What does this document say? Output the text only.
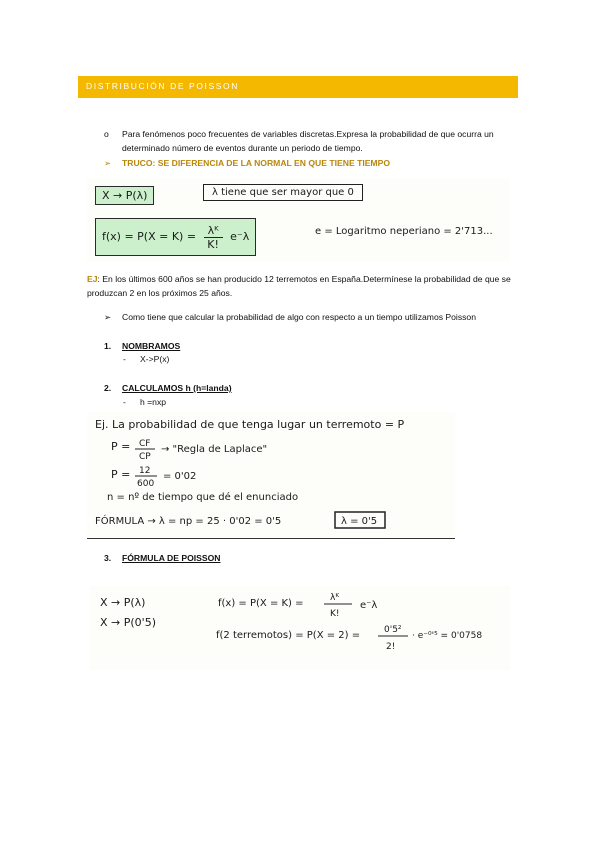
DISTRIBUCIÓN DE POISSON
o Para fenómenos poco frecuentes de variables discretas.Expresa la probabilidad de que ocurra un determinado número de eventos durante un periodo de tiempo.
➢ TRUCO: SE DIFERENCIA DE LA NORMAL EN QUE TIENE TIEMPO
X → P(λ)	λ tiene que ser mayor que 0
$f(x) = P(X = K) = \frac{\text{λᴷ}}{K!} e^-\lambda$	e = Logaritmo neperiano = 2'713...
EJ: En los últimos 600 años se han producido 12 terremotos en España.Determínese la probabilidad de que se produzcan 2 en los próximos 25 años.
➢ Como tiene que calcular la probabilidad de algo con respecto a un tiempo utilizamos Poisson
1. NOMBRAMOS
- X->P(x)
2. CALCULAMOS h (h=landa)
- h =nxp
Ej. La probabilidad de que tenga lugar un terremoto = P
P = CF
CP
→ "Regla de Laplace"
P = 12
600
= 0'02
n = nº de tiempo que dé el enunciado
FÓRMULA → λ = np = 25 · 0'02 = 0'5	λ = 0'5
3. FÓRMULA DE POISSON
X → P(λ)
X → P(0'5)
f(x) = P(X = K) =	λᴷ
K!
e⁻λ
f(2 terremotos) = P(X = 2) =	0'5²
2!
· e⁻⁰'⁵ = 0'0758
